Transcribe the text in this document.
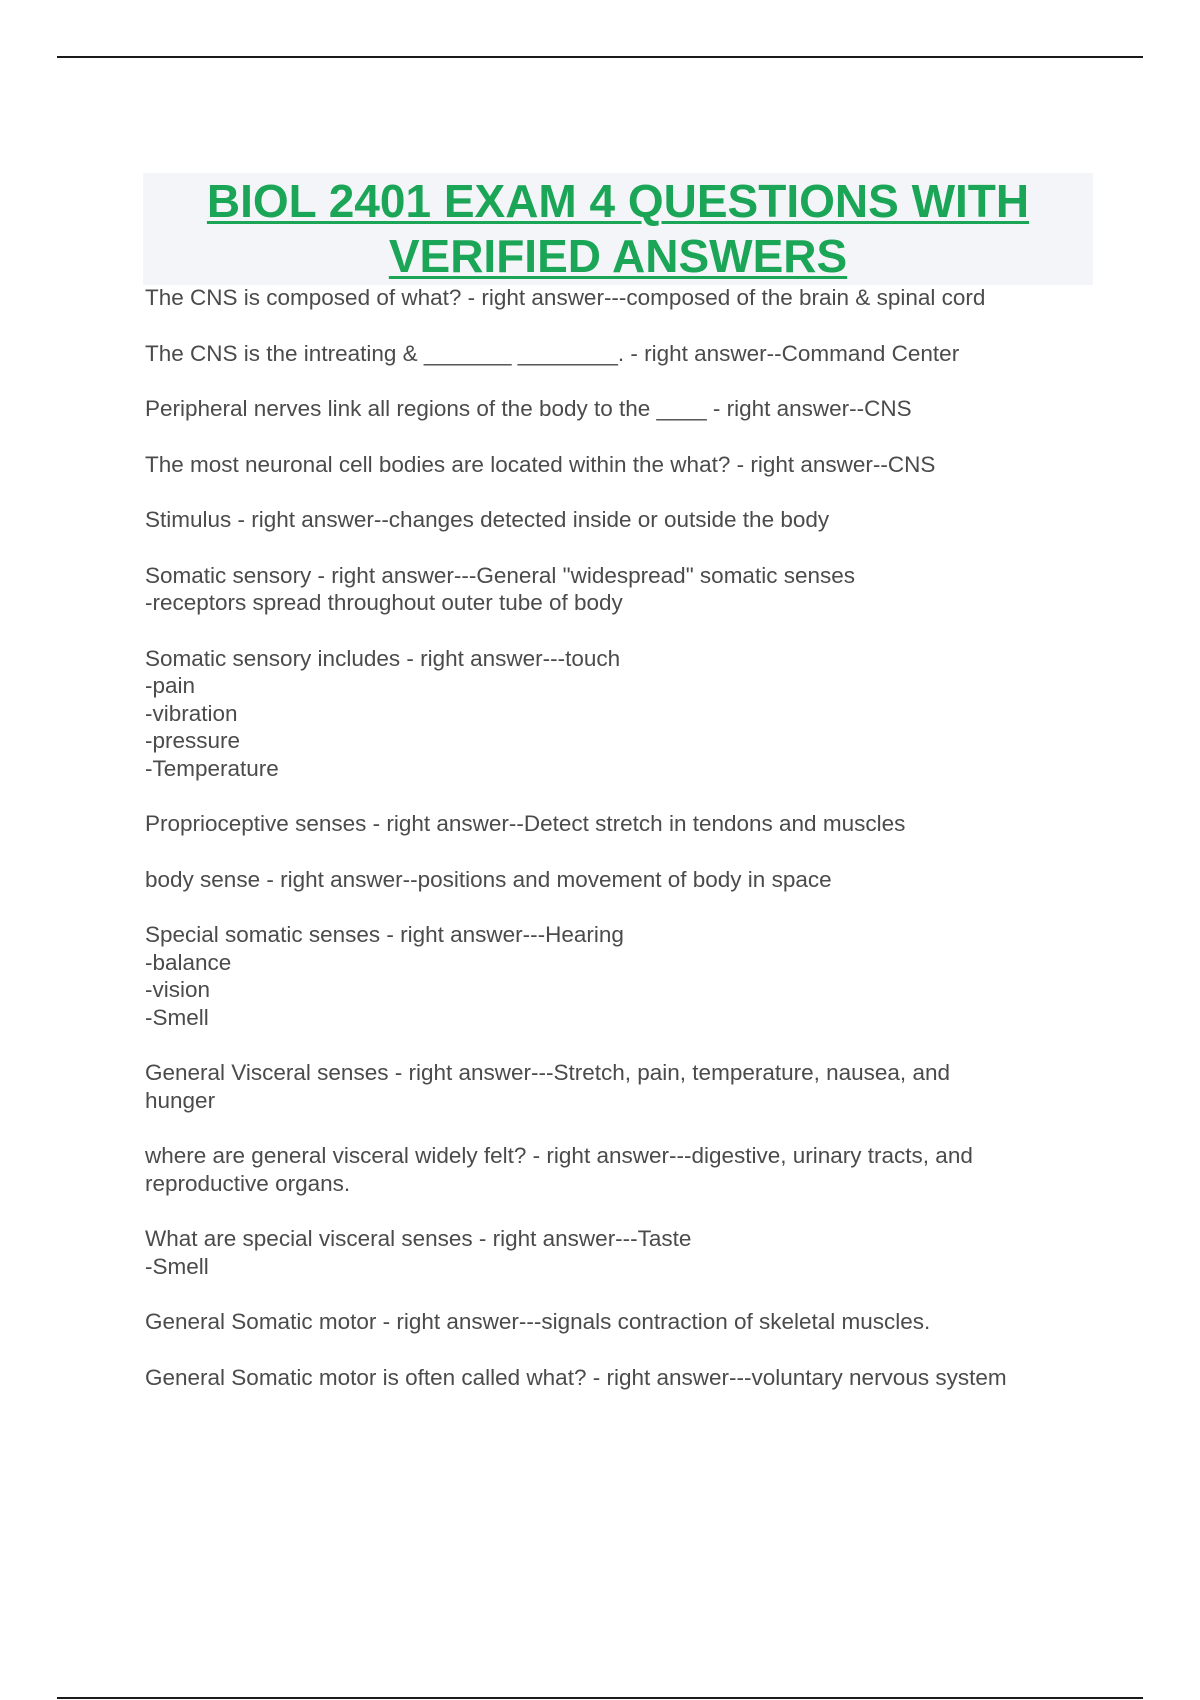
BIOL 2401 EXAM 4 QUESTIONS WITH VERIFIED ANSWERS

The CNS is composed of what? - right answer---composed of the brain & spinal cord

The CNS is the intreating & _______ ________. - right answer--Command Center

Peripheral nerves link all regions of the body to the ____ - right answer--CNS

The most neuronal cell bodies are located within the what? - right answer--CNS

Stimulus - right answer--changes detected inside or outside the body

Somatic sensory - right answer---General "widespread" somatic senses
-receptors spread throughout outer tube of body

Somatic sensory includes - right answer---touch
-pain
-vibration
-pressure
-Temperature

Proprioceptive senses - right answer--Detect stretch in tendons and muscles

body sense - right answer--positions and movement of body in space

Special somatic senses - right answer---Hearing
-balance
-vision
-Smell

General Visceral senses - right answer---Stretch, pain, temperature, nausea, and
hunger

where are general visceral widely felt? - right answer---digestive, urinary tracts, and
reproductive organs.

What are special visceral senses - right answer---Taste
-Smell

General Somatic motor - right answer---signals contraction of skeletal muscles.

General Somatic motor is often called what? - right answer---voluntary nervous system
